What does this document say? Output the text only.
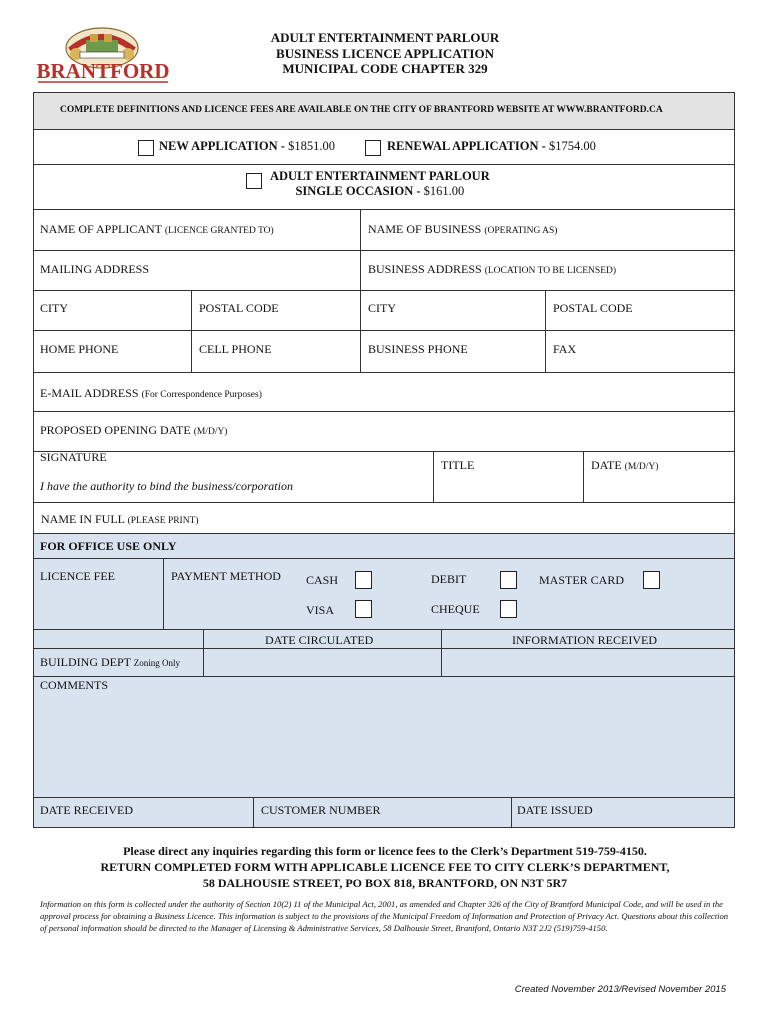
BRANTFORD
ADULT ENTERTAINMENT PARLOUR
BUSINESS LICENCE APPLICATION
MUNICIPAL CODE CHAPTER 329
COMPLETE DEFINITIONS AND LICENCE FEES ARE AVAILABLE ON THE CITY OF BRANTFORD WEBSITE AT WWW.BRANTFORD.CA
NEW APPLICATION - $1851.00	RENEWAL APPLICATION - $1754.00
ADULT ENTERTAINMENT PARLOUR
SINGLE OCCASION - $161.00
NAME OF APPLICANT (LICENCE GRANTED TO)	NAME OF BUSINESS (OPERATING AS)
MAILING ADDRESS	BUSINESS ADDRESS (LOCATION TO BE LICENSED)
CITY	POSTAL CODE	CITY	POSTAL CODE
HOME PHONE	CELL PHONE	BUSINESS PHONE	FAX
E-MAIL ADDRESS (For Correspondence Purposes)
PROPOSED OPENING DATE (M/D/Y)
SIGNATURE
I have the authority to bind the business/corporation
TITLE	DATE (M/D/Y)
NAME IN FULL (PLEASE PRINT)
FOR OFFICE USE ONLY
LICENCE FEE	PAYMENT METHOD CASH	DEBIT	MASTER CARD
VISA	CHEQUE
DATE CIRCULATED	INFORMATION RECEIVED
BUILDING DEPT Zoning Only
COMMENTS
DATE RECEIVED	CUSTOMER NUMBER	DATE ISSUED
Please direct any inquiries regarding this form or licence fees to the Clerk’s Department 519-759-4150.
RETURN COMPLETED FORM WITH APPLICABLE LICENCE FEE TO CITY CLERK’S DEPARTMENT,
58 DALHOUSIE STREET, PO BOX 818, BRANTFORD, ON N3T 5R7
Information on this form is collected under the authority of Section 10(2) 11 of the Municipal Act, 2001, as amended and Chapter 326 of the City of Brantford Municipal Code, and will be used in the approval process for obtaining a Business Licence. This information is subject to the provisions of the Municipal Freedom of Information and Protection of Privacy Act. Questions about this collection of personal information should be directed to the Manager of Licensing & Administrative Services, 58 Dalhousie Street, Brantford, Ontario N3T 2J2 (519)759-4150.
Created November 2013/Revised November 2015
